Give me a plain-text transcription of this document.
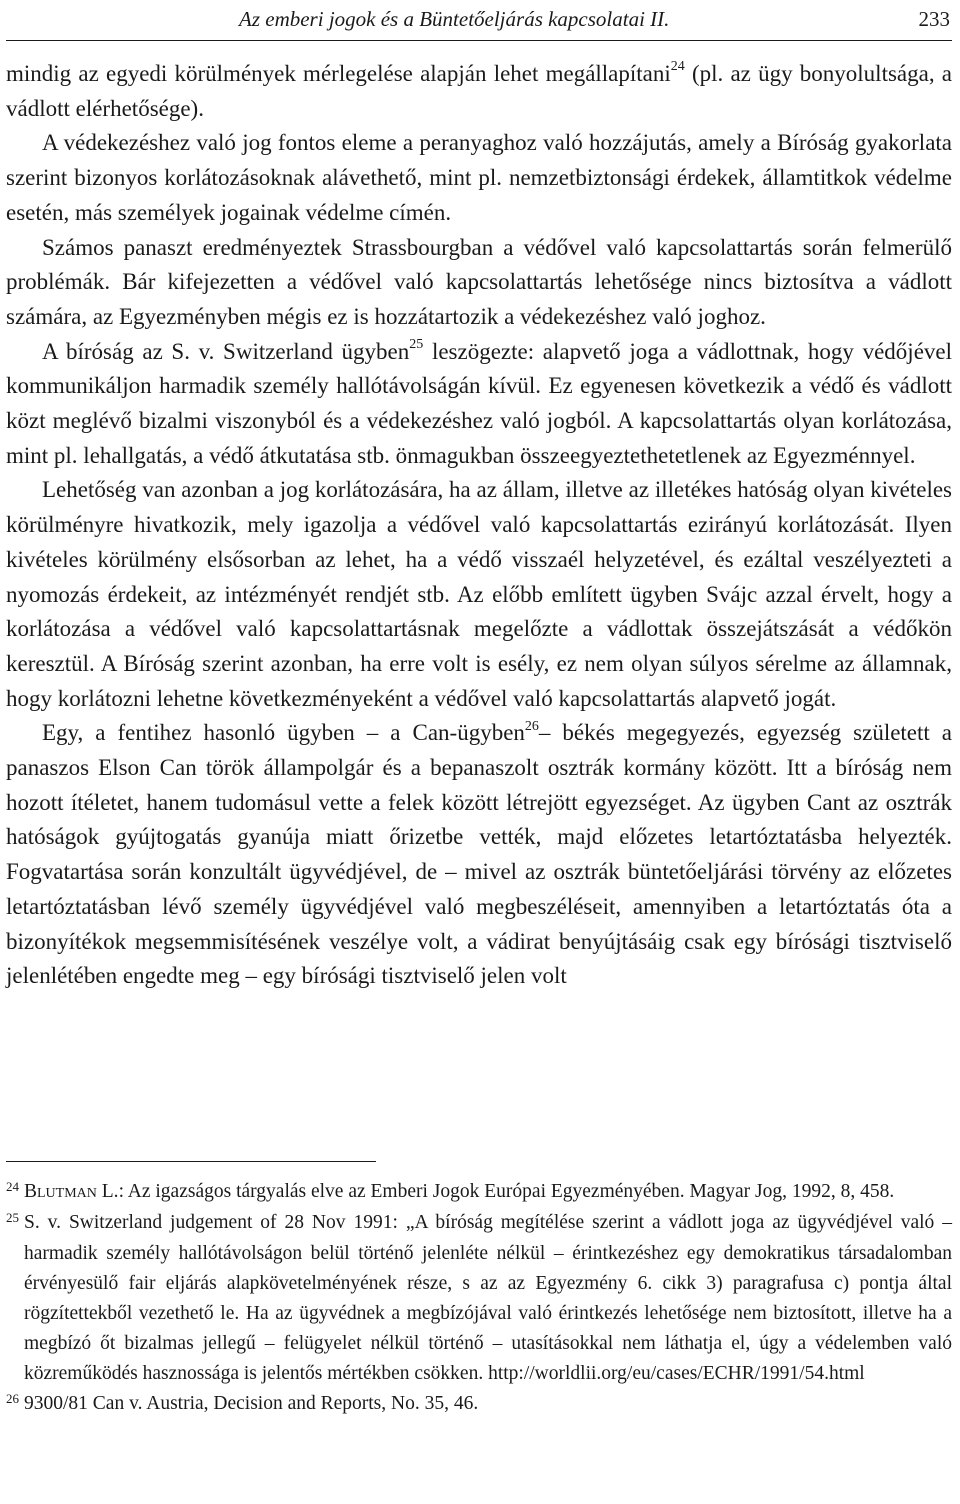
Az emberi jogok és a Büntetőeljárás kapcsolatai II.	233

mindig az egyedi körülmények mérlegelése alapján lehet megállapítani$^{24}$ (pl. az ügy bonyolultsága, a vádlott elérhetősége).

A védekezéshez való jog fontos eleme a peranyaghoz való hozzájutás, amely a Bíróság gyakorlata szerint bizonyos korlátozásoknak alávethető, mint pl. nemzetbiztonsági érdekek, államtitkok védelme esetén, más személyek jogainak védelme címén.

Számos panaszt eredményeztek Strassbourgban a védővel való kapcsolattartás során felmerülő problémák. Bár kifejezetten a védővel való kapcsolattartás lehetősége nincs biztosítva a vádlott számára, az Egyezményben mégis ez is hozzátartozik a védekezéshez való joghoz.

A bíróság az S. v. Switzerland ügyben$^{25}$ leszögezte: alapvető joga a vádlottnak, hogy védőjével kommunikáljon harmadik személy hallótávolságán kívül. Ez egyenesen következik a védő és vádlott közt meglévő bizalmi viszonyból és a védekezéshez való jogból. A kapcsolattartás olyan korlátozása, mint pl. lehallgatás, a védő átkutatása stb. önmagukban összeegyeztethetetlenek az Egyezménnyel.

Lehetőség van azonban a jog korlátozására, ha az állam, illetve az illetékes hatóság olyan kivételes körülményre hivatkozik, mely igazolja a védővel való kapcsolattartás ezirányú korlátozását. Ilyen kivételes körülmény elsősorban az lehet, ha a védő visszaél helyzetével, és ezáltal veszélyezteti a nyomozás érdekeit, az intézményét rendjét stb. Az előbb említett ügyben Svájc azzal érvelt, hogy a korlátozása a védővel való kapcsolattartásnak megelőzte a vádlottak összejátszását a védőkön keresztül. A Bíróság szerint azonban, ha erre volt is esély, ez nem olyan súlyos sérelme az államnak, hogy korlátozni lehetne következményeként a védővel való kapcsolattartás alapvető jogát.

Egy, a fentihez hasonló ügyben – a Can-ügyben$^{26}$– békés megegyezés, egyezség született a panaszos Elson Can török állampolgár és a bepanaszolt osztrák kormány között. Itt a bíróság nem hozott ítéletet, hanem tudomásul vette a felek között létrejött egyezséget. Az ügyben Cant az osztrák hatóságok gyújtogatás gyanúja miatt őrizetbe vették, majd előzetes letartóztatásba helyezték. Fogvatartása során konzultált ügyvédjével, de – mivel az osztrák büntetőeljárási törvény az előzetes letartóztatásban lévő személy ügyvédjével való megbeszéléseit, amennyiben a letartóztatás óta a bizonyítékok megsemmisítésének veszélye volt, a vádirat benyújtásáig csak egy bírósági tisztviselő jelenlétében engedte meg – egy bírósági tisztviselő jelen volt

24 Blutman L.: Az igazságos tárgyalás elve az Emberi Jogok Európai Egyezményében. Magyar Jog, 1992, 8, 458.

25 S. v. Switzerland judgement of 28 Nov 1991: „A bíróság megítélése szerint a vádlott joga az ügyvédjével való – harmadik személy hallótávolságon belül történő jelenléte nélkül – érintkezéshez egy demokratikus társadalomban érvényesülő fair eljárás alapkövetelményének része, s az az Egyezmény 6. cikk 3) paragrafusa c) pontja által rögzítettekből vezethető le. Ha az ügyvédnek a megbízójával való érintkezés lehetősége nem biztosított, illetve ha a megbízó őt bizalmas jellegű – felügyelet nélkül történő – utasításokkal nem láthatja el, úgy a védelemben való közreműködés hasznossága is jelentős mértékben csökken. http://worldlii.org/eu/cases/ECHR/1991/54.html

26 9300/81 Can v. Austria, Decision and Reports, No. 35, 46.
